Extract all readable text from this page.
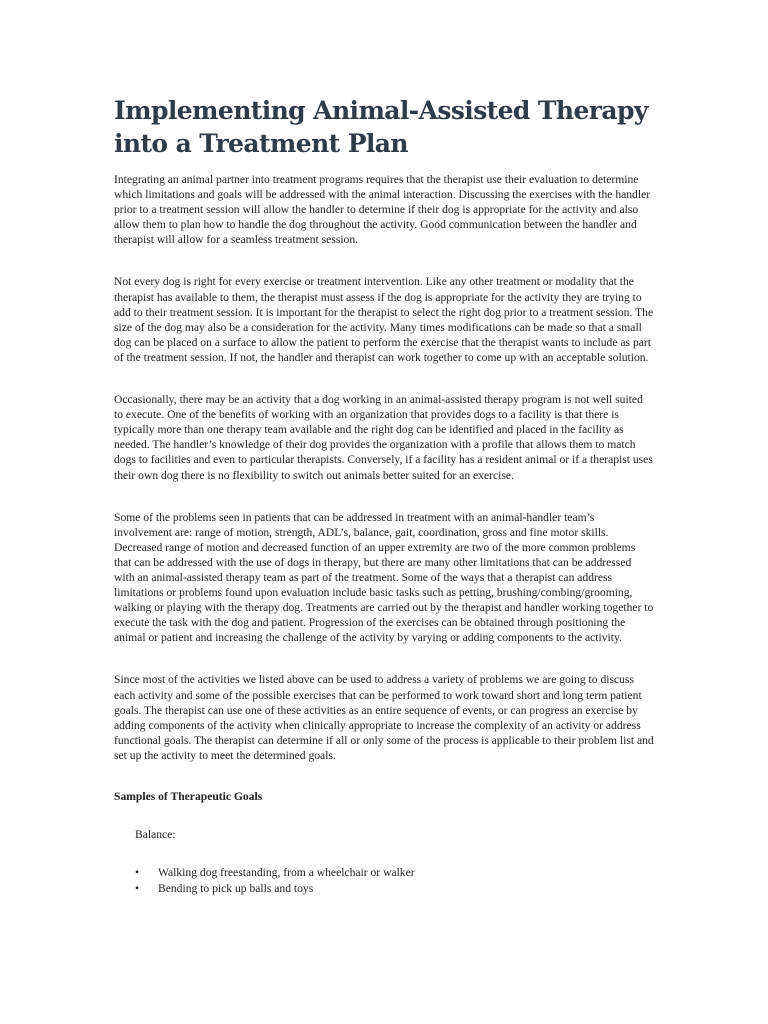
Implementing Animal-Assisted Therapy into a Treatment Plan

Integrating an animal partner into treatment programs requires that the therapist use their evaluation to determine which limitations and goals will be addressed with the animal interaction. Discussing the exercises with the handler prior to a treatment session will allow the handler to determine if their dog is appropriate for the activity and also allow them to plan how to handle the dog throughout the activity. Good communication between the handler and therapist will allow for a seamless treatment session.

Not every dog is right for every exercise or treatment intervention. Like any other treatment or modality that the therapist has available to them, the therapist must assess if the dog is appropriate for the activity they are trying to add to their treatment session. It is important for the therapist to select the right dog prior to a treatment session. The size of the dog may also be a consideration for the activity. Many times modifications can be made so that a small dog can be placed on a surface to allow the patient to perform the exercise that the therapist wants to include as part of the treatment session. If not, the handler and therapist can work together to come up with an acceptable solution.

Occasionally, there may be an activity that a dog working in an animal-assisted therapy program is not well suited to execute. One of the benefits of working with an organization that provides dogs to a facility is that there is typically more than one therapy team available and the right dog can be identified and placed in the facility as needed. The handler’s knowledge of their dog provides the organization with a profile that allows them to match dogs to facilities and even to particular therapists. Conversely, if a facility has a resident animal or if a therapist uses their own dog there is no flexibility to switch out animals better suited for an exercise.

Some of the problems seen in patients that can be addressed in treatment with an animal-handler team’s involvement are: range of motion, strength, ADL’s, balance, gait, coordination, gross and fine motor skills. Decreased range of motion and decreased function of an upper extremity are two of the more common problems that can be addressed with the use of dogs in therapy, but there are many other limitations that can be addressed with an animal-assisted therapy team as part of the treatment. Some of the ways that a therapist can address limitations or problems found upon evaluation include basic tasks such as petting, brushing/combing/grooming, walking or playing with the therapy dog. Treatments are carried out by the therapist and handler working together to execute the task with the dog and patient. Progression of the exercises can be obtained through positioning the animal or patient and increasing the challenge of the activity by varying or adding components to the activity.

Since most of the activities we listed above can be used to address a variety of problems we are going to discuss each activity and some of the possible exercises that can be performed to work toward short and long term patient goals. The therapist can use one of these activities as an entire sequence of events, or can progress an exercise by adding components of the activity when clinically appropriate to increase the complexity of an activity or address functional goals. The therapist can determine if all or only some of the process is applicable to their problem list and set up the activity to meet the determined goals.

Samples of Therapeutic Goals
Balance:
• Walking dog freestanding, from a wheelchair or walker
• Bending to pick up balls and toys
